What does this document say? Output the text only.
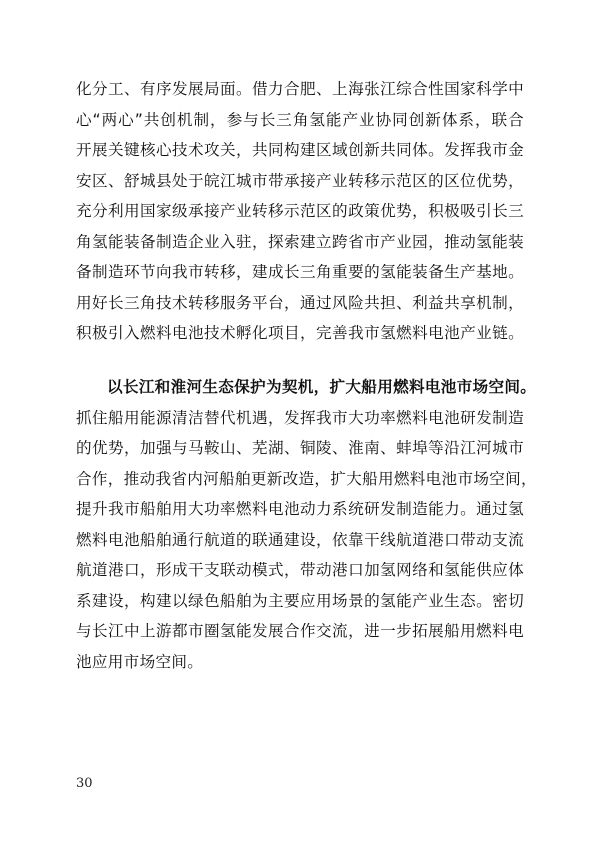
化分工、有序发展局面。借力合肥、上海张江综合性国家科学中
心“两心”共创机制，参与长三角氢能产业协同创新体系，联合
开展关键核心技术攻关，共同构建区域创新共同体。发挥我市金
安区、舒城县处于皖江城市带承接产业转移示范区的区位优势，
充分利用国家级承接产业转移示范区的政策优势，积极吸引长三
角氢能装备制造企业入驻，探索建立跨省市产业园，推动氢能装
备制造环节向我市转移，建成长三角重要的氢能装备生产基地。
用好长三角技术转移服务平台，通过风险共担、利益共享机制，
积极引入燃料电池技术孵化项目，完善我市氢燃料电池产业链。
以长江和淮河生态保护为契机，扩大船用燃料电池市场空间。
抓住船用能源清洁替代机遇，发挥我市大功率燃料电池研发制造
的优势，加强与马鞍山、芜湖、铜陵、淮南、蚌埠等沿江河城市
合作，推动我省内河船舶更新改造，扩大船用燃料电池市场空间，
提升我市船舶用大功率燃料电池动力系统研发制造能力。通过氢
燃料电池船舶通行航道的联通建设，依靠干线航道港口带动支流
航道港口，形成干支联动模式，带动港口加氢网络和氢能供应体
系建设，构建以绿色船舶为主要应用场景的氢能产业生态。密切
与长江中上游都市圈氢能发展合作交流，进一步拓展船用燃料电
池应用市场空间。
30
